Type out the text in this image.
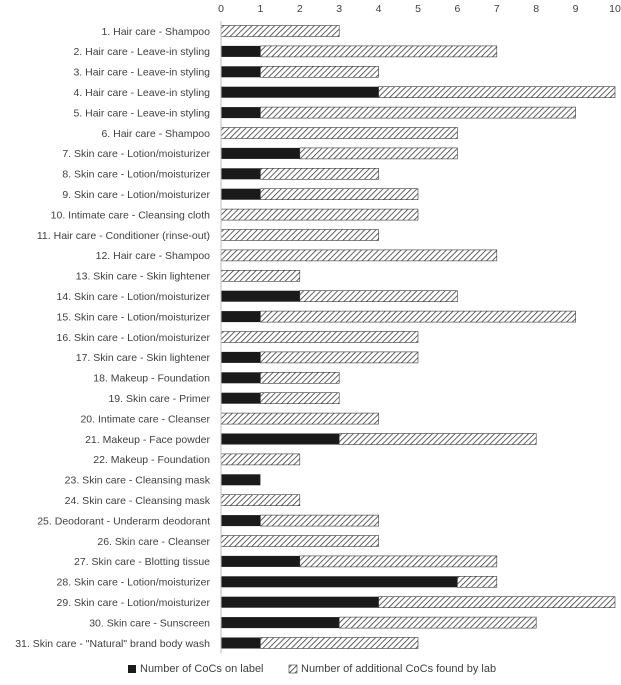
0	1	2	3	4	5	6	7	8	9	10
1. Hair care - Shampoo
2. Hair care - Leave-in styling
3. Hair care - Leave-in styling
4. Hair care - Leave-in styling
5. Hair care - Leave-in styling
6. Hair care - Shampoo
7. Skin care - Lotion/moisturizer
8. Skin care - Lotion/moisturizer
9. Skin care - Lotion/moisturizer
10. Intimate care - Cleansing cloth
11. Hair care - Conditioner (rinse-out)
12. Hair care - Shampoo
13. Skin care - Skin lightener
14. Skin care - Lotion/moisturizer
15. Skin care - Lotion/moisturizer
16. Skin care - Lotion/moisturizer
17. Skin care - Skin lightener
18. Makeup - Foundation
19. Skin care - Primer
20. Intimate care - Cleanser
21. Makeup - Face powder
22. Makeup - Foundation
23. Skin care - Cleansing mask
24. Skin care - Cleansing mask
25. Deodorant - Underarm deodorant
26. Skin care - Cleanser
27. Skin care - Blotting tissue
28. Skin care - Lotion/moisturizer
29. Skin care - Lotion/moisturizer
30. Skin care - Sunscreen
31. Skin care - "Natural" brand body wash
Number of CoCs on label	Number of additional CoCs found by lab
